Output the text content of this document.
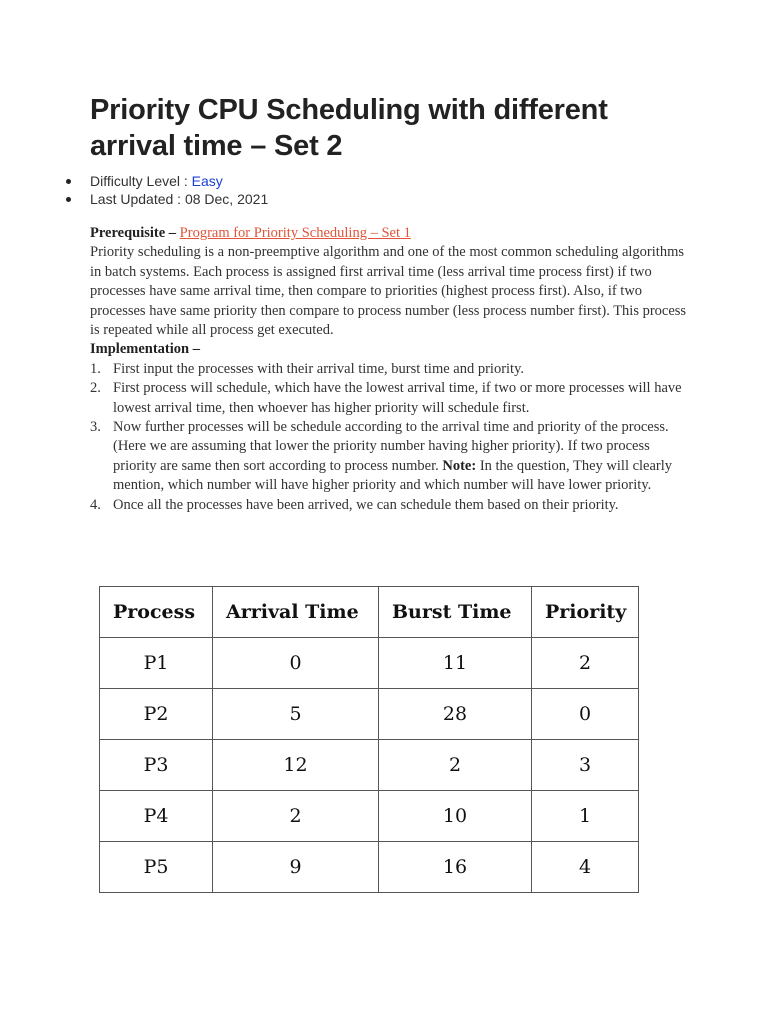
Priority CPU Scheduling with different arrival time – Set 2
Difficulty Level : Easy
Last Updated : 08 Dec, 2021

Prerequisite – Program for Priority Scheduling – Set 1

Priority scheduling is a non-preemptive algorithm and one of the most common scheduling algorithms in batch systems. Each process is assigned first arrival time (less arrival time process first) if two processes have same arrival time, then compare to priorities (highest process first). Also, if two processes have same priority then compare to process number (less process number first). This process is repeated while all process get executed.

Implementation –

1. First input the processes with their arrival time, burst time and priority.
2. First process will schedule, which have the lowest arrival time, if two or more processes will have lowest arrival time, then whoever has higher priority will schedule first.
3. Now further processes will be schedule according to the arrival time and priority of the process. (Here we are assuming that lower the priority number having higher priority). If two process priority are same then sort according to process number. Note: In the question, They will clearly mention, which number will have higher priority and which number will have lower priority.
4. Once all the processes have been arrived, we can schedule them based on their priority.
Process	Arrival Time	Burst Time	Priority
P1	0	11	2
P2	5	28	0
P3	12	2	3
P4	2	10	1
P5	9	16	4
